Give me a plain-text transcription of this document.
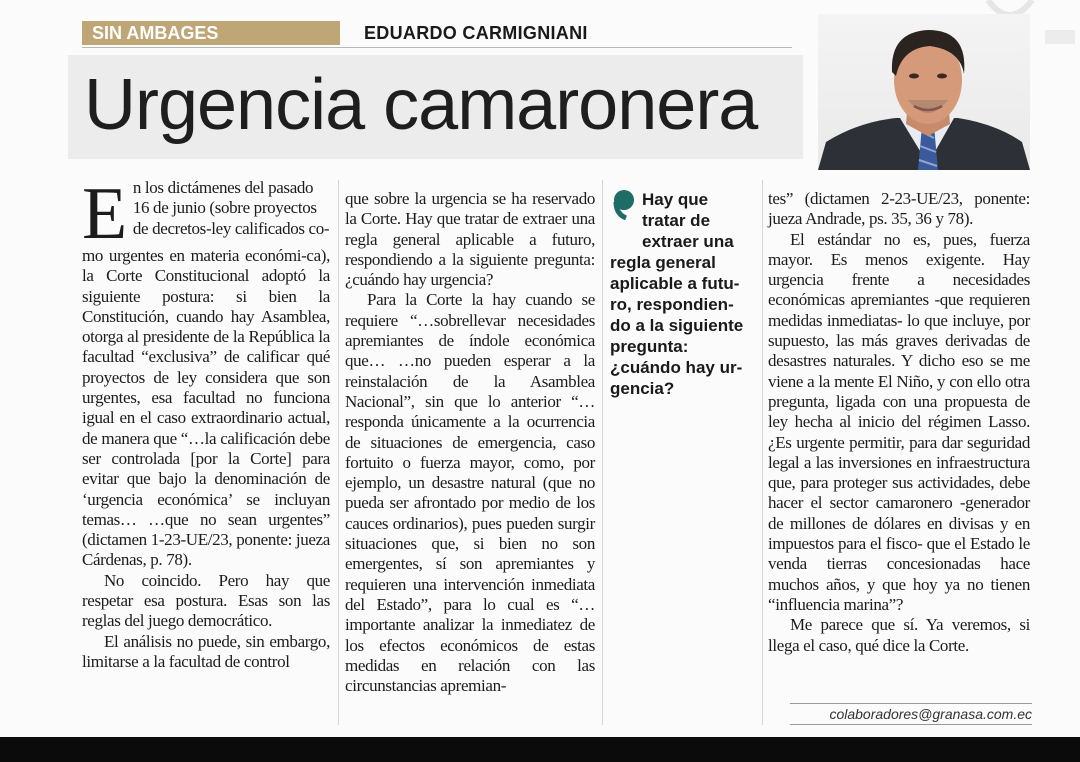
SIN AMBAGES	EDUARDO CARMIGNIANI
Urgencia camaronera
E n los dictámenes del pasado
16 de junio (sobre proyectos
de decretos-ley calificados co-

mo urgentes en materia económi-ca), la Corte Constitucional adoptó la siguiente postura: si bien la Constitución, cuando hay Asamblea, otorga al presidente de la República la facultad “exclusiva” de calificar qué proyectos de ley considera que son urgentes, esa facultad no funciona igual en el caso extraordinario actual, de manera que “…la calificación debe ser controlada [por la Corte] para evitar que bajo la denominación de ‘urgencia económica’ se incluyan temas… …que no sean urgentes” (dictamen 1-23-UE/23, ponente: jueza Cárdenas, p. 78).

No coincido. Pero hay que respetar esa postura. Esas son las reglas del juego democrático.

El análisis no puede, sin embargo, limitarse a la facultad de control

que sobre la urgencia se ha reservado la Corte. Hay que tratar de extraer una regla general aplicable a futuro, respondiendo a la siguiente pregunta: ¿cuándo hay urgencia?

Para la Corte la hay cuando se requiere “…sobrellevar necesidades apremiantes de índole económica que… …no pueden esperar a la reinstalación de la Asamblea Nacional”, sin que lo anterior “…responda únicamente a la ocurrencia de situaciones de emergencia, caso fortuito o fuerza mayor, como, por ejemplo, un desastre natural (que no pueda ser afrontado por medio de los cauces ordinarios), pues pueden surgir situaciones que, si bien no son emergentes, sí son apremiantes y requieren una intervención inmediata del Estado”, para lo cual es “…importante analizar la inmediatez de los efectos económicos de estas medidas en relación con las circunstancias apremian-

Hay que
tratar de
extraer una
regla general
aplicable a futu-
ro, respondien-
do a la siguiente
pregunta:
¿cuándo hay ur-
gencia?

tes” (dictamen 2-23-UE/23, ponente: jueza Andrade, ps. 35, 36 y 78).

El estándar no es, pues, fuerza mayor. Es menos exigente. Hay urgencia frente a necesidades económicas apremiantes -que requieren medidas inmediatas- lo que incluye, por supuesto, las más graves derivadas de desastres naturales. Y dicho eso se me viene a la mente El Niño, y con ello otra pregunta, ligada con una propuesta de ley hecha al inicio del régimen Lasso. ¿Es urgente permitir, para dar seguridad legal a las inversiones en infraestructura que, para proteger sus actividades, debe hacer el sector camaronero -generador de millones de dólares en divisas y en impuestos para el fisco- que el Estado le venda tierras concesionadas hace muchos años, y que hoy ya no tienen “influencia marina”?

Me parece que sí. Ya veremos, si llega el caso, qué dice la Corte.

colaboradores@granasa.com.ec
